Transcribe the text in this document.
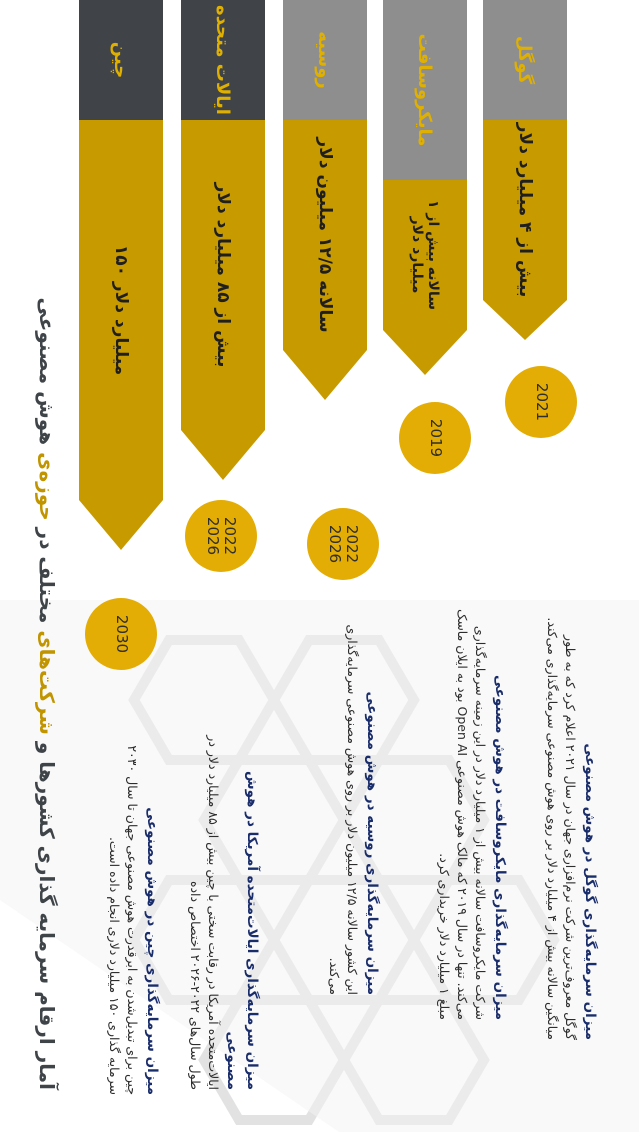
آمار ارقام سرمایه گذاری کشورها و شرکت‌های مختلف در حوزه‌ی هوش مصنوعی
چین
۱۵۰ میلیارد دلار
2030
میزان سرمایه‌گذاری چین در هوش مصنوعی
چین برای تبدیل‌شدن به ابرقدرت هوش مصنوعی جهان تا سال ۲۰۳۰ سرمایه گذاری ۱۵۰ میلیارد دلاری انجام داده است.
ایالات متحده
بیش از ۸۵ میلیارد دلار
2022
2026
میزان سرمایه‌گذاری ایالات‌متحده آمریکا در هوش مصنوعی
ایالات‌متحده آمریکا در رقابت سختی با چین بیش از ۸۵ میلیارد دلار در طول سال‌های ۲۰۲۲-۲۰۲۶ اختصاص داده
روسیه
سالانه ۱۲/۵ میلیون دلار
2022
2026
میزان سرمایه‌گذاری روسیه در هوش مصنوعی
این کشور سالانه ۱۲/۵ میلیون دلار بر روی هوش مصنوعی سرمایه‌گذاری می‌کند.
مایکروسافت
سالانه بیش از ۱ میلیارد دلار
2019
میزان سرمایه‌گذاری مایکروسافت در هوش مصنوعی
شرکت مایکروسافت سالانه بیش از ۱ میلیارد دلار در این زمینه سرمایه‌گذاری می‌کند. تنها در سال ۲۰۱۹ که مالک هوش مصنوعی Open AI بود به ایلان ماسک مبلغ ۱ میلیارد دلار خریداری کرد.
گوگل
بیش از ۴ میلیارد دلار
2021
میزان سرمایه‌گذاری گوگل در هوش مصنوعی
گوگل معروف‌ترین شرکت نرم‌افزاری جهان در سال ۲۰۲۱ اعلام کرد که به طور میانگین سالانه بیش از ۴ میلیارد دلار بر روی هوش مصنوعی سرمایه‌گذاری می‌کند.
